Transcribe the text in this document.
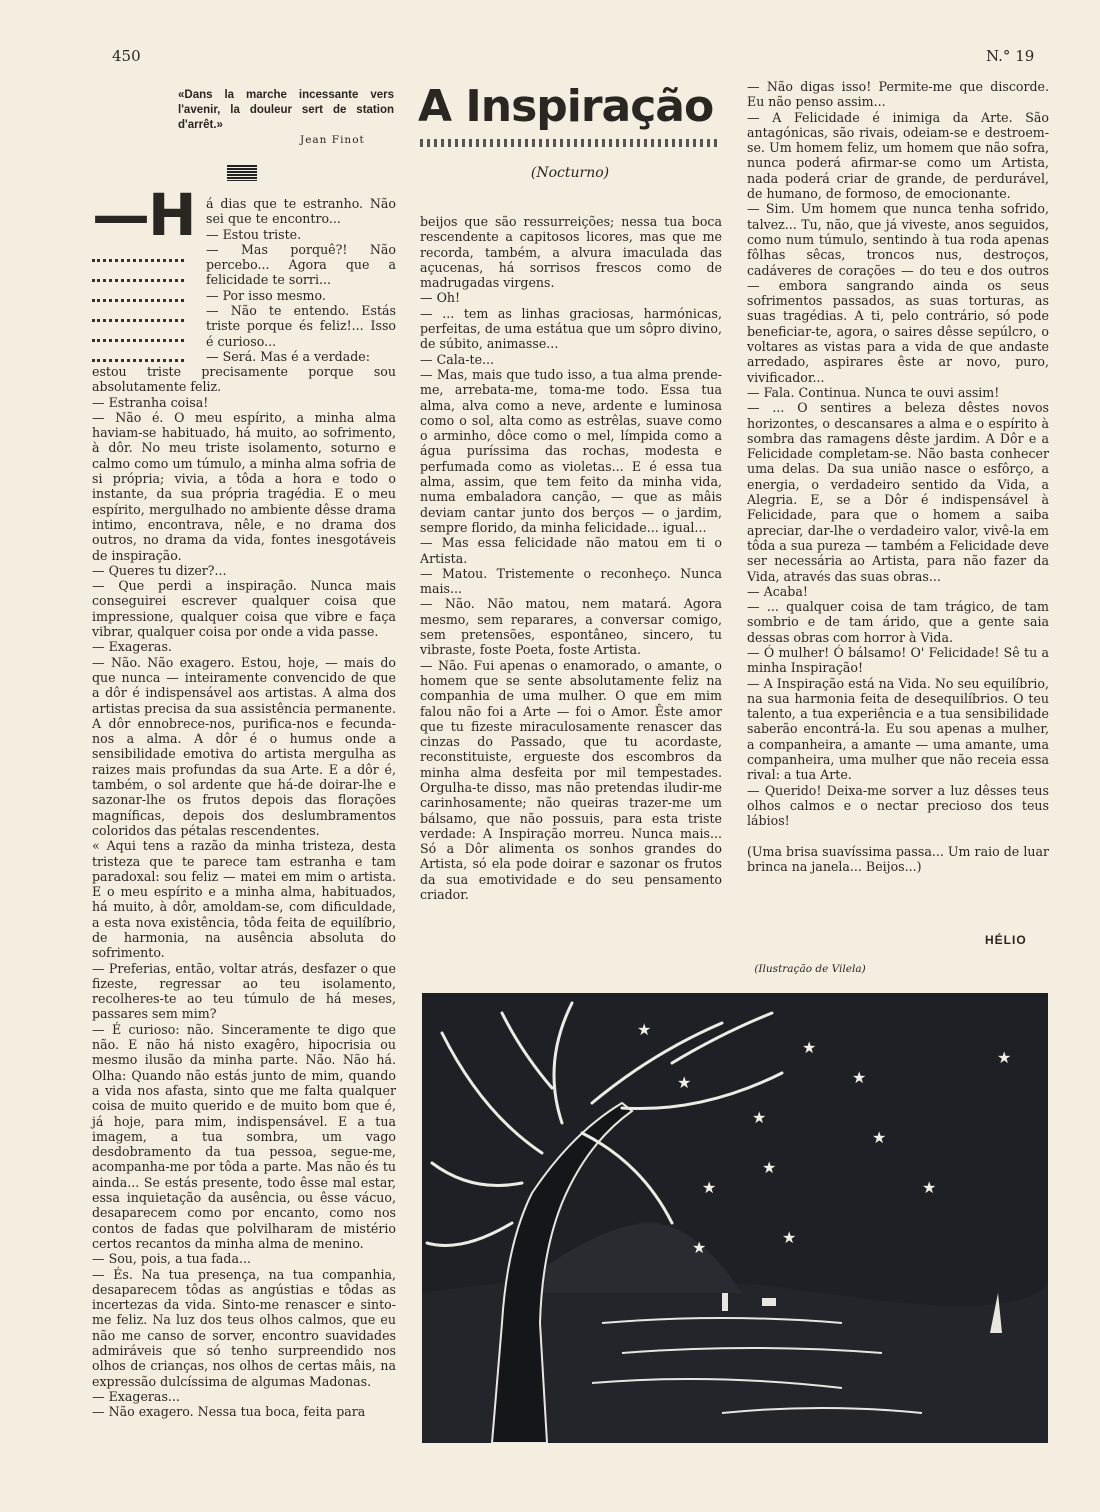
450	N.° 19
«Dans la marche incessante vers l'avenir, la douleur sert de station d'arrêt.»
Jean Finot
—H
A Inspiração
(Nocturno)

á dias que te estranho. Não sei que te encontro...

— Estou triste.

— Mas porquê?! Não percebo... Agora que a felicidade te sorri...

— Por isso mesmo.

— Não te entendo. Estás triste porque és feliz!... Isso é curioso...

— Será. Mas é a verdade:

estou triste precisamente porque sou absolutamente feliz.

— Estranha coisa!

— Não é. O meu espírito, a minha alma haviam-se habituado, há muito, ao sofrimento, à dôr. No meu triste isolamento, soturno e calmo como um túmulo, a minha alma sofria de si própria; vivia, a tôda a hora e todo o instante, da sua própria tragédia. E o meu espírito, mergulhado no ambiente dêsse drama intimo, encontrava, nêle, e no drama dos outros, no drama da vida, fontes inesgotáveis de inspiração.

— Queres tu dizer?...

— Que perdi a inspiração. Nunca mais conseguirei escrever qualquer coisa que impressione, qualquer coisa que vibre e faça vibrar, qualquer coisa por onde a vida passe.

— Exageras.

— Não. Não exagero. Estou, hoje, — mais do que nunca — inteiramente convencido de que a dôr é indispensável aos artistas. A alma dos artistas precisa da sua assistência permanente. A dôr ennobrece-nos, purifica-nos e fecunda-nos a alma. A dôr é o humus onde a sensibilidade emotiva do artista mergulha as raizes mais profundas da sua Arte. E a dôr é, também, o sol ardente que há-de doirar-lhe e sazonar-lhe os frutos depois das florações magníficas, depois dos deslumbramentos coloridos das pétalas rescendentes.

« Aqui tens a razão da minha tristeza, desta tristeza que te parece tam estranha e tam paradoxal: sou feliz — matei em mim o artista. E o meu espírito e a minha alma, habituados, há muito, à dôr, amoldam-se, com dificuldade, a esta nova existência, tôda feita de equilíbrio, de harmonia, na ausência absoluta do sofrimento.

— Preferias, então, voltar atrás, desfazer o que fizeste, regressar ao teu isolamento, recolheres-te ao teu túmulo de há meses, passares sem mim?

— É curioso: não. Sinceramente te digo que não. E não há nisto exagêro, hipocrisia ou mesmo ilusão da minha parte. Não. Não há. Olha: Quando não estás junto de mim, quando a vida nos afasta, sinto que me falta qualquer coisa de muito querido e de muito bom que é, já hoje, para mim, indispensável. E a tua imagem, a tua sombra, um vago desdobramento da tua pessoa, segue-me, acompanha-me por tôda a parte. Mas não és tu ainda... Se estás presente, todo êsse mal estar, essa inquietação da ausência, ou êsse vácuo, desaparecem como por encanto, como nos contos de fadas que polvilharam de mistério certos recantos da minha alma de menino.

— Sou, pois, a tua fada...

— És. Na tua presença, na tua companhia, desaparecem tôdas as angústias e tôdas as incertezas da vida. Sinto-me renascer e sinto-me feliz. Na luz dos teus olhos calmos, que eu não me canso de sorver, encontro suavidades admiráveis que só tenho surpreendido nos olhos de crianças, nos olhos de certas mâis, na expressão dulcíssima de algumas Madonas.

— Exageras...

— Não exagero. Nessa tua boca, feita para

beijos que são ressurreições; nessa tua boca rescendente a capitosos licores, mas que me recorda, também, a alvura imaculada das açucenas, há sorrisos frescos como de madrugadas virgens.

— Oh!

— ... tem as linhas graciosas, harmónicas, perfeitas, de uma estátua que um sôpro divino, de súbito, animasse...

— Cala-te...

— Mas, mais que tudo isso, a tua alma prende-me, arrebata-me, toma-me todo. Essa tua alma, alva como a neve, ardente e luminosa como o sol, alta como as estrêlas, suave como o arminho, dôce como o mel, límpida como a água puríssima das rochas, modesta e perfumada como as violetas... E é essa tua alma, assim, que tem feito da minha vida, numa embaladora canção, — que as mâis deviam cantar junto dos berços — o jardim, sempre florido, da minha felicidade... igual...

— Mas essa felicidade não matou em ti o Artista.

— Matou. Tristemente o reconheço. Nunca mais...

— Não. Não matou, nem matará. Agora mesmo, sem reparares, a conversar comigo, sem pretensões, espontâneo, sincero, tu vibraste, foste Poeta, foste Artista.

— Não. Fui apenas o enamorado, o amante, o homem que se sente absolutamente feliz na companhia de uma mulher. O que em mim falou não foi a Arte — foi o Amor. Êste amor que tu fizeste miraculosamente renascer das cinzas do Passado, que tu acordaste, reconstituiste, ergueste dos escombros da minha alma desfeita por mil tempestades. Orgulha-te disso, mas não pretendas iludir-me carinhosamente; não queiras trazer-me um bálsamo, que não possuis, para esta triste verdade: A Inspiração morreu. Nunca mais... Só a Dôr alimenta os sonhos grandes do Artista, só ela pode doirar e sazonar os frutos da sua emotividade e do seu pensamento criador.

— Não digas isso! Permite-me que discorde. Eu não penso assim...

— A Felicidade é inimiga da Arte. São antagónicas, são rivais, odeiam-se e destroem-se. Um homem feliz, um homem que não sofra, nunca poderá afirmar-se como um Artista, nada poderá criar de grande, de perdurável, de humano, de formoso, de emocionante.

— Sim. Um homem que nunca tenha sofrido, talvez... Tu, não, que já viveste, anos seguidos, como num túmulo, sentindo à tua roda apenas fôlhas sêcas, troncos nus, destroços, cadáveres de corações — do teu e dos outros — embora sangrando ainda os seus sofrimentos passados, as suas torturas, as suas tragédias. A ti, pelo contrário, só pode beneficiar-te, agora, o saires dêsse sepúlcro, o voltares as vistas para a vida de que andaste arredado, aspirares êste ar novo, puro, vivificador...

— Fala. Continua. Nunca te ouvi assim!

— ... O sentires a beleza dêstes novos horizontes, o descansares a alma e o espírito à sombra das ramagens dêste jardim. A Dôr e a Felicidade completam-se. Não basta conhecer uma delas. Da sua união nasce o esfôrço, a energia, o verdadeiro sentido da Vida, a Alegria. E, se a Dôr é indispensável à Felicidade, para que o homem a saiba apreciar, dar-lhe o verdadeiro valor, vivê-la em tôda a sua pureza — também a Felicidade deve ser necessária ao Artista, para não fazer da Vida, através das suas obras...

— Acaba!

— ... qualquer coisa de tam trágico, de tam sombrio e de tam árido, que a gente saia dessas obras com horror à Vida.

— Ó mulher! Ó bálsamo! O' Felicidade! Sê tu a minha Inspiração!

— A Inspiração está na Vida. No seu equilíbrio, na sua harmonia feita de desequilíbrios. O teu talento, a tua experiência e a tua sensibilidade saberão encontrá-la. Eu sou apenas a mulher, a companheira, a amante — uma amante, uma companheira, uma mulher que não receia essa rival: a tua Arte.

— Querido! Deixa-me sorver a luz dêsses teus olhos calmos e o nectar precioso dos teus lábios!

(Uma brisa suavíssima passa... Um raio de luar brinca na janela... Beijos...)

HÉLIO
(Ilustração de Vilela)
★
★
★
★
★
★
★
★
★
★
★
★
